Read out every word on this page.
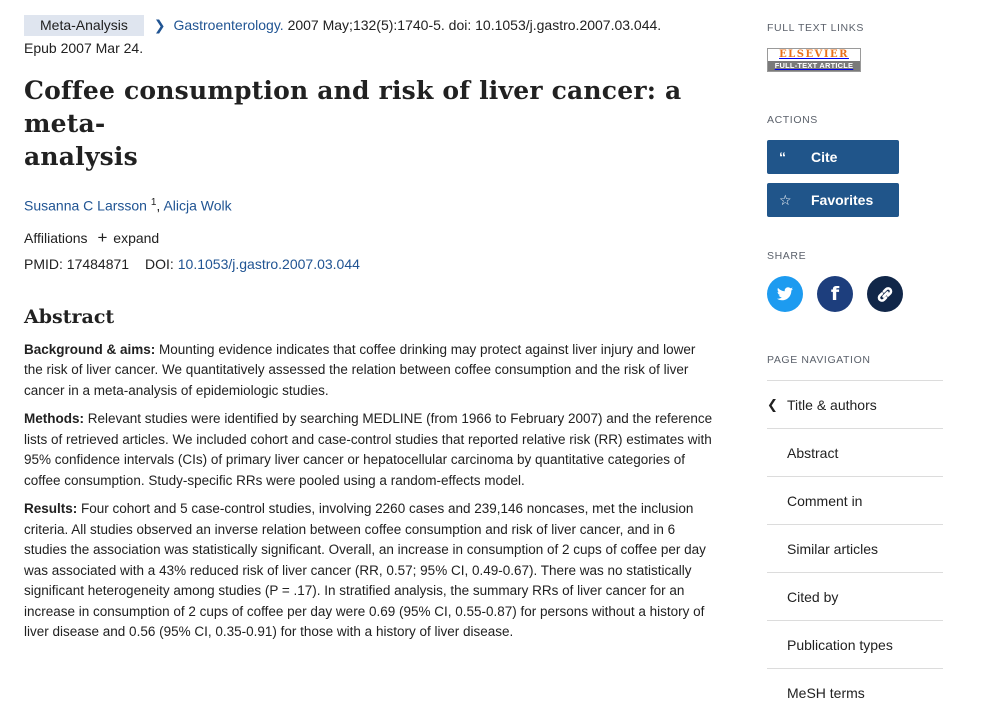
Meta-Analysis ❯ Gastroenterology. 2007 May;132(5):1740-5. doi: 10.1053/j.gastro.2007.03.044.
Epub 2007 Mar 24.
Coffee consumption and risk of liver cancer: a meta-
analysis
Susanna C Larsson $^1$, Alicja Wolk
Affiliations + expand
PMID: 17484871 DOI: 10.1053/j.gastro.2007.03.044
Abstract

Background & aims: Mounting evidence indicates that coffee drinking may protect against liver injury and lower the risk of liver cancer. We quantitatively assessed the relation between coffee consumption and the risk of liver cancer in a meta-analysis of epidemiologic studies.

Methods: Relevant studies were identified by searching MEDLINE (from 1966 to February 2007) and the reference lists of retrieved articles. We included cohort and case-control studies that reported relative risk (RR) estimates with 95% confidence intervals (CIs) of primary liver cancer or hepatocellular carcinoma by quantitative categories of coffee consumption. Study-specific RRs were pooled using a random-effects model.

Results: Four cohort and 5 case-control studies, involving 2260 cases and 239,146 noncases, met the inclusion criteria. All studies observed an inverse relation between coffee consumption and risk of liver cancer, and in 6 studies the association was statistically significant. Overall, an increase in consumption of 2 cups of coffee per day was associated with a 43% reduced risk of liver cancer (RR, 0.57; 95% CI, 0.49-0.67). There was no statistically significant heterogeneity among studies (P = .17). In stratified analysis, the summary RRs of liver cancer for an increase in consumption of 2 cups of coffee per day were 0.69 (95% CI, 0.55-0.87) for persons without a history of liver disease and 0.56 (95% CI, 0.35-0.91) for those with a history of liver disease.

FULL TEXT LINKS
ELSEVIER
FULL-TEXT ARTICLE
ACTIONS
“ Cite
☆ Favorites
SHARE
f
PAGE NAVIGATION
❮ Title & authors
Abstract
Comment in
Similar articles
Cited by
Publication types
MeSH terms
